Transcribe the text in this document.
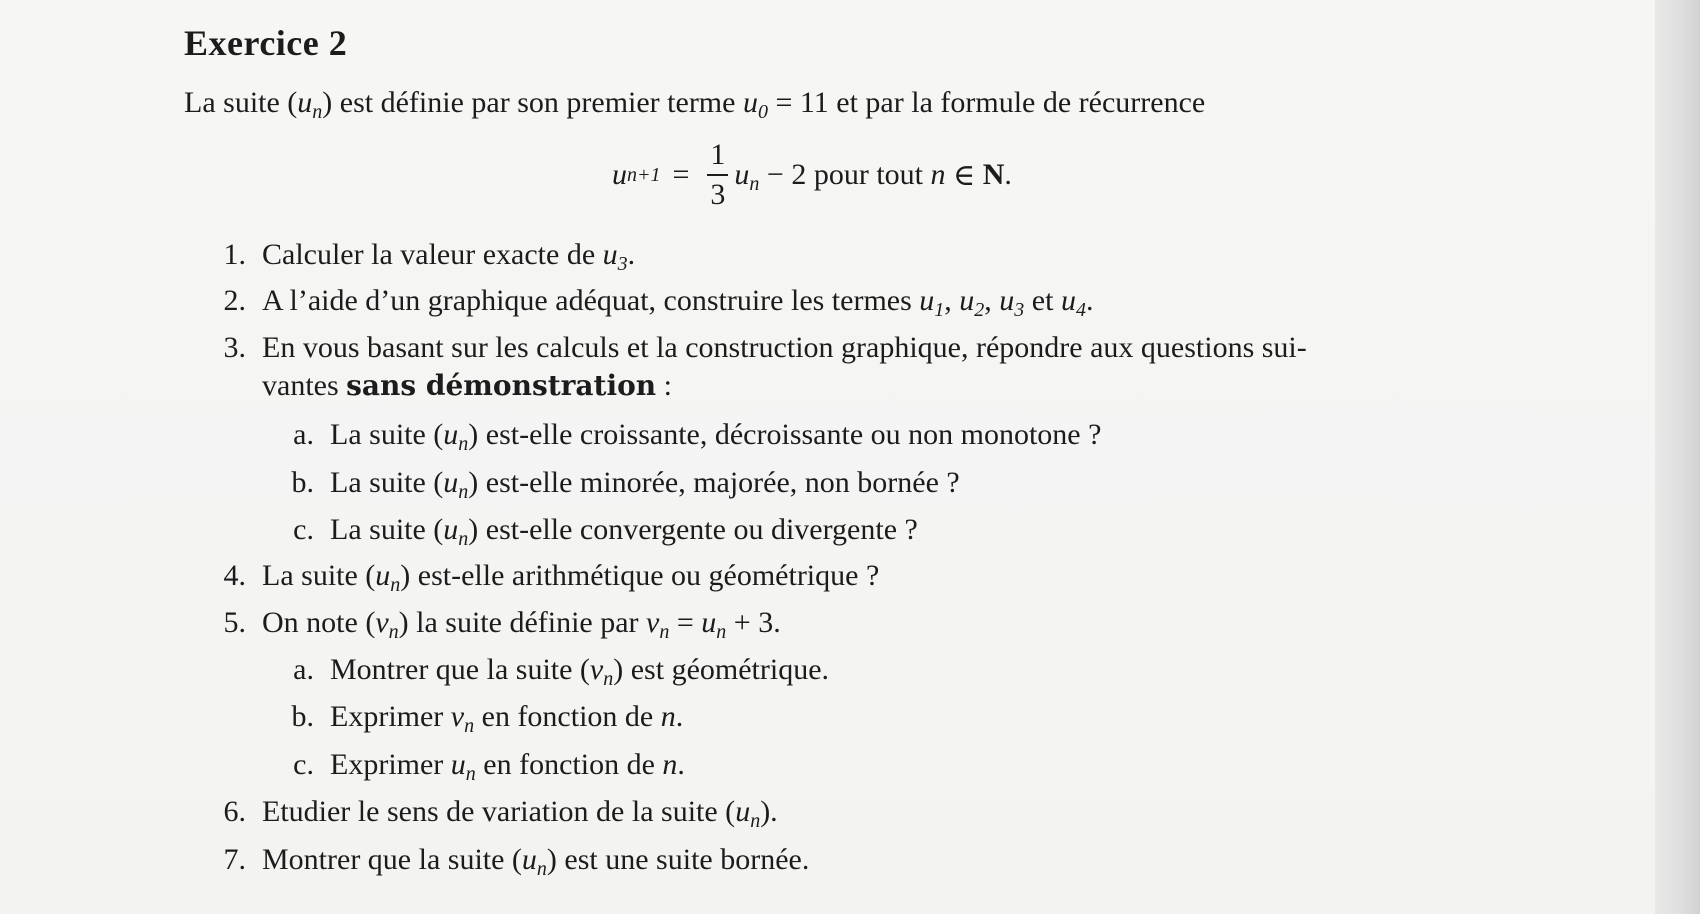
Exercice 2
La suite $(u_n)$ est définie par son premier terme $u_0 = 11$ et par la formule de récurrence
u $n+1 = \frac{1}{3} u_n - 2$ pour tout n ∈ N .
1. Calculer la valeur exacte de $u_3$.
2. A l’aide d’un graphique adéquat, construire les termes $u_1$, $u_2$, $u_3$ et $u_4$.
3. En vous basant sur les calculs et la construction graphique, répondre aux questions sui-
vantes sans démonstration :
a. La suite $(u_n)$ est-elle croissante, décroissante ou non monotone ?
b. La suite $(u_n)$ est-elle minorée, majorée, non bornée ?
c. La suite $(u_n)$ est-elle convergente ou divergente ?
4. La suite $(u_n)$ est-elle arithmétique ou géométrique ?
5. On note $(v_n)$ la suite définie par $v_n = u_n + 3$.
a. Montrer que la suite $(v_n)$ est géométrique.
b. Exprimer $v_n$ en fonction de n.
c. Exprimer $u_n$ en fonction de n.
6. Etudier le sens de variation de la suite $(u_n)$.
7. Montrer que la suite $(u_n)$ est une suite bornée.
